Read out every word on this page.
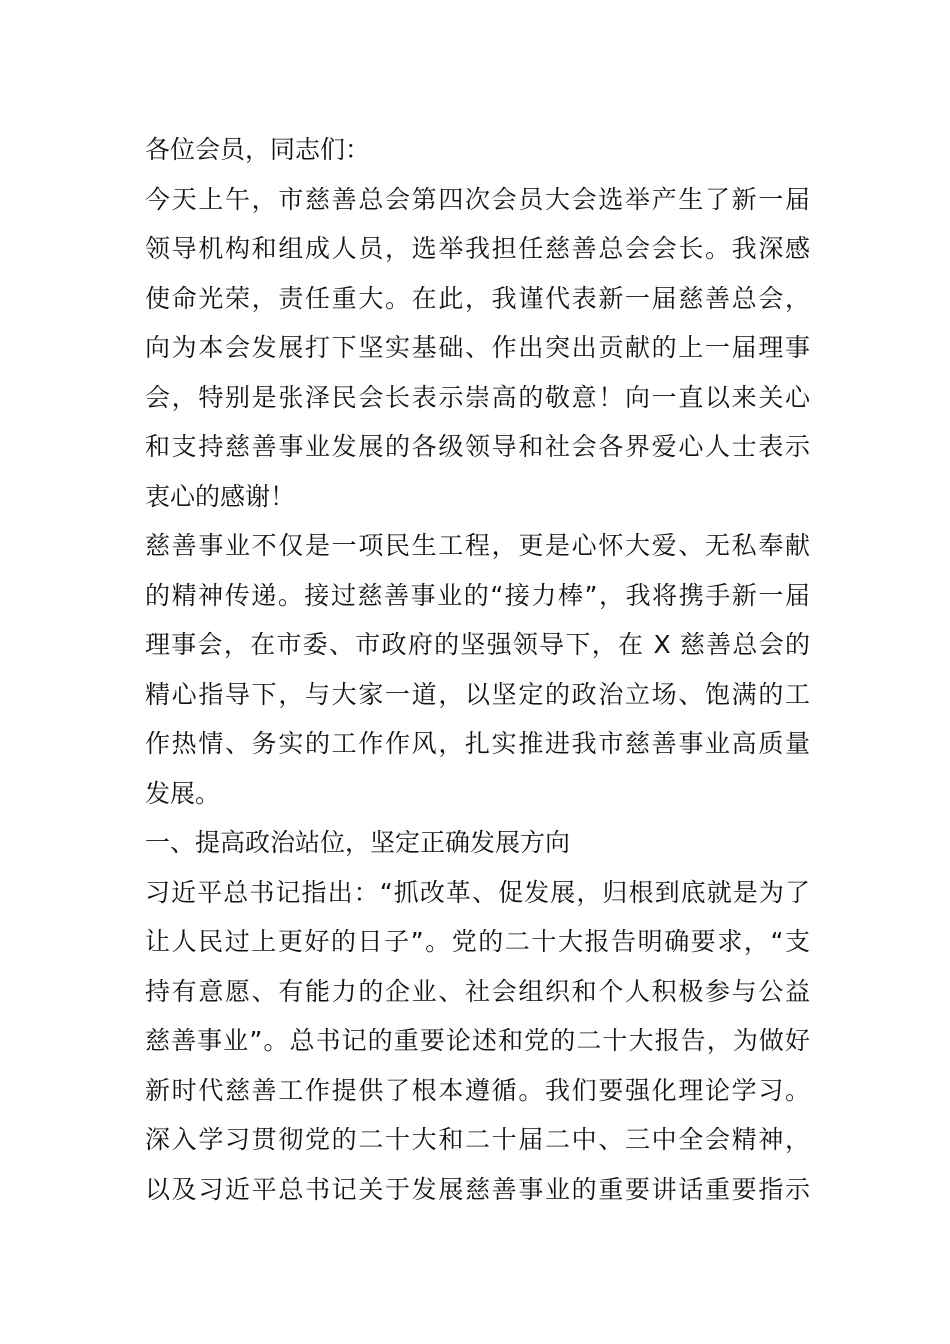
各位会员，同志们：
今天上午，市慈善总会第四次会员大会选举产生了新一届
领导机构和组成人员，选举我担任慈善总会会长。我深感
使命光荣，责任重大。在此，我谨代表新一届慈善总会，
向为本会发展打下坚实基础、作出突出贡献的上一届理事
会，特别是张泽民会长表示崇高的敬意！向一直以来关心
和支持慈善事业发展的各级领导和社会各界爱心人士表示
衷心的感谢！
慈善事业不仅是一项民生工程，更是心怀大爱、无私奉献
的精神传递。接过慈善事业的“接力棒”，我将携手新一届
理事会，在市委、市政府的坚强领导下，在 X 慈善总会的
精心指导下，与大家一道，以坚定的政治立场、饱满的工
作热情、务实的工作作风，扎实推进我市慈善事业高质量
发展。
一、提高政治站位，坚定正确发展方向
习近平总书记指出：“抓改革、促发展，归根到底就是为了
让人民过上更好的日子”。党的二十大报告明确要求，“支
持有意愿、有能力的企业、社会组织和个人积极参与公益
慈善事业”。总书记的重要论述和党的二十大报告，为做好
新时代慈善工作提供了根本遵循。我们要强化理论学习。
深入学习贯彻党的二十大和二十届二中、三中全会精神，
以及习近平总书记关于发展慈善事业的重要讲话重要指示
